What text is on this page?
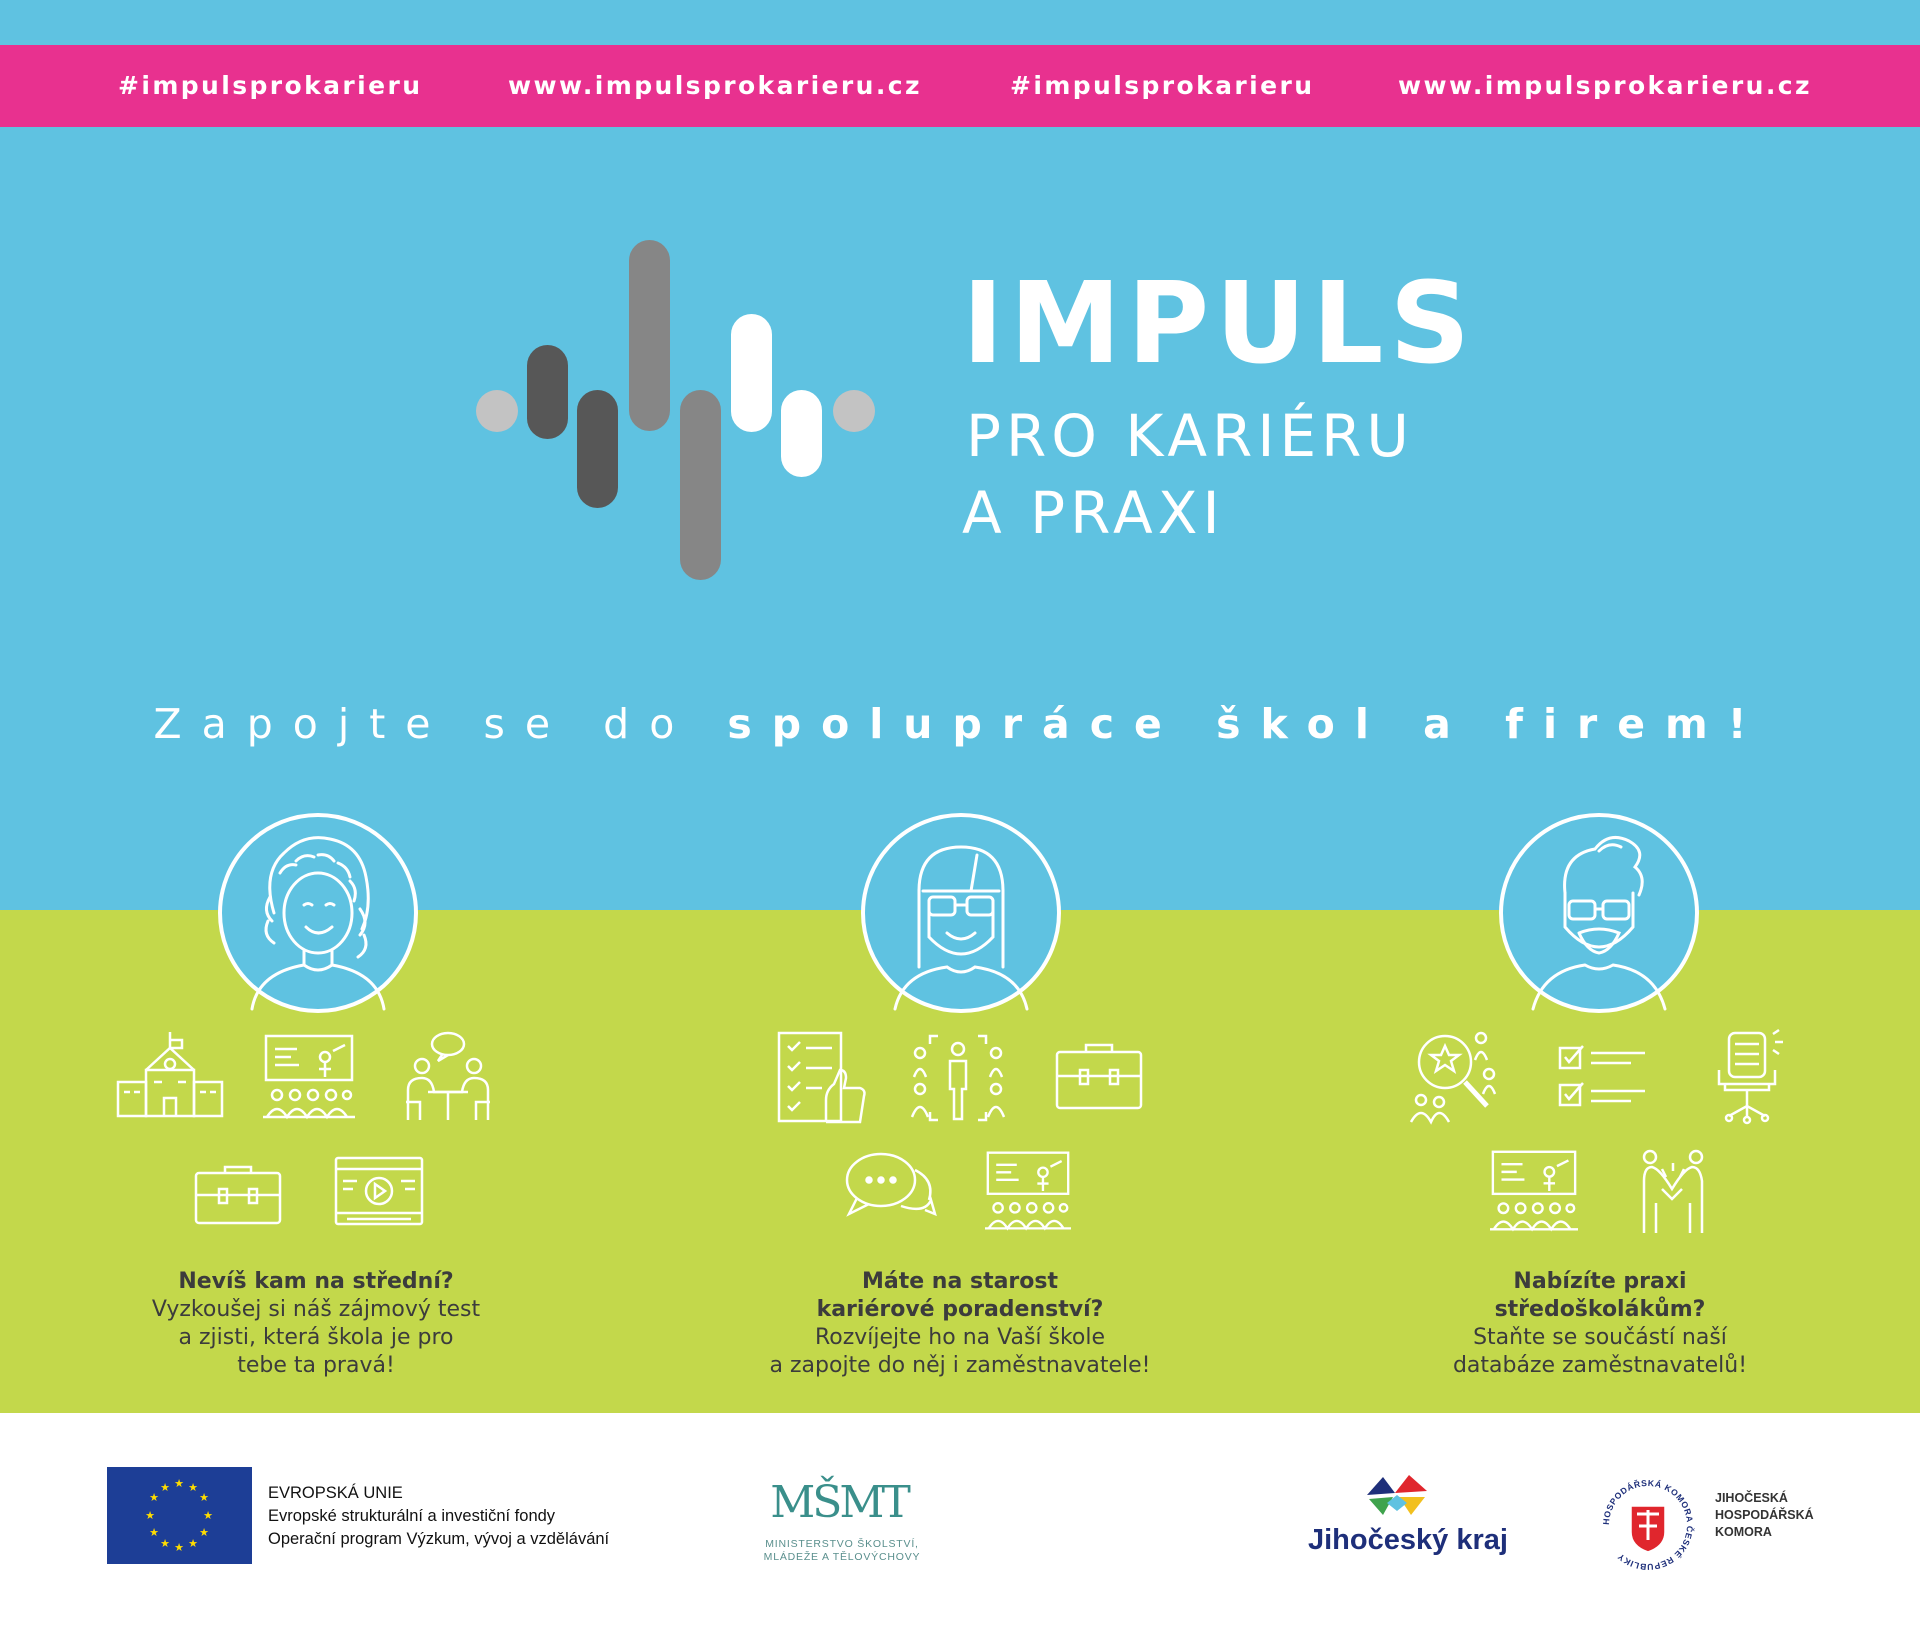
#impulsprokarieru	www.impulsprokarieru.cz	#impulsprokarieru	www.impulsprokarieru.cz
IMPULS
PRO KARIÉRU
A PRAXI
Zapojte se do spolupráce škol a firem!
Nevíš kam na střední?
Vyzkoušej si náš zájmový test
a zjisti, která škola je pro
tebe ta pravá!
Máte na starost
kariérové poradenství?
Rozvíjejte ho na Vaší škole
a zapojte do něj i zaměstnavatele!
Nabízíte praxi
středoškolákům?
Staňte se součástí naší
databáze zaměstnavatelů!
★ ★
★
★
★
★
★
★
★
★
★
★	EVROPSKÁ UNIE
Evropské strukturální a investiční fondy
Operační program Výzkum, vývoj a vzdělávání
MŠMT
MINISTERSTVO ŠKOLSTVÍ,
MLÁDEŽE A TĚLOVÝCHOVY
Jihočeský kraj
HOSPODÁŘSKÁ KOMORA ČESKÉ REPUBLIKY
JIHOČESKÁ
HOSPODÁŘSKÁ
KOMORA
